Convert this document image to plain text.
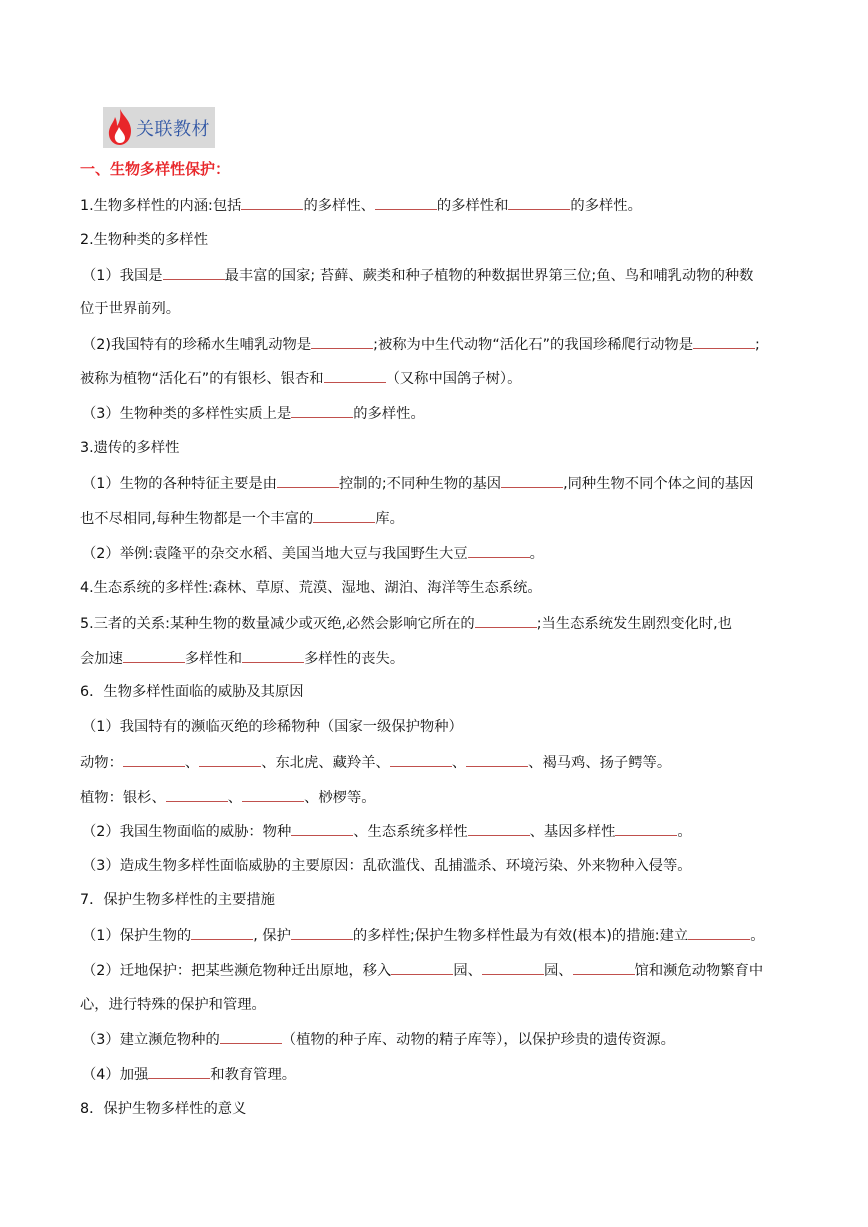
关联教材
一、生物多样性保护：
1.生物多样性的内涵:包括	的多样性、	的多样性和	的多样性。
2.生物种类的多样性
（1）我国是	最丰富的国家; 苔藓、蕨类和种子植物的种数据世界第三位;鱼、鸟和哺乳动物的种数
位于世界前列。
（2)我国特有的珍稀水生哺乳动物是	;被称为中生代动物“活化石”的我国珍稀爬行动物是	;
被称为植物“活化石”的有银杉、银杏和	（又称中国鸽子树）。
（3）生物种类的多样性实质上是	的多样性。
3.遗传的多样性
（1）生物的各种特征主要是由	控制的;不同种生物的基因	,同种生物不同个体之间的基因
也不尽相同,每种生物都是一个丰富的	库。
（2）举例:袁隆平的杂交水稻、美国当地大豆与我国野生大豆	。
4.生态系统的多样性:森林、草原、荒漠、湿地、湖泊、海洋等生态系统。
5.三者的关系:某种生物的数量减少或灭绝,必然会影响它所在的	;当生态系统发生剧烈变化时,也
会加速	多样性和	多样性的丧失。
6．生物多样性面临的威胁及其原因
（1）我国特有的濒临灭绝的珍稀物种（国家一级保护物种）
动物：	、	、东北虎、藏羚羊、	、	、褐马鸡、扬子鳄等。
植物：银杉、	、	、桫椤等。
（2）我国生物面临的威胁：物种	、生态系统多样性	、基因多样性	。
（3）造成生物多样性面临威胁的主要原因：乱砍滥伐、乱捕滥杀、环境污染、外来物种入侵等。
7．保护生物多样性的主要措施
（1）保护生物的	, 保护	的多样性;保护生物多样性最为有效(根本)的措施:建立	。
（2）迁地保护：把某些濒危物种迁出原地，移入	园、	园、	馆和濒危动物繁育中
心，进行特殊的保护和管理。
（3）建立濒危物种的	（植物的种子库、动物的精子库等），以保护珍贵的遗传资源。
（4）加强	和教育管理。
8．保护生物多样性的意义
